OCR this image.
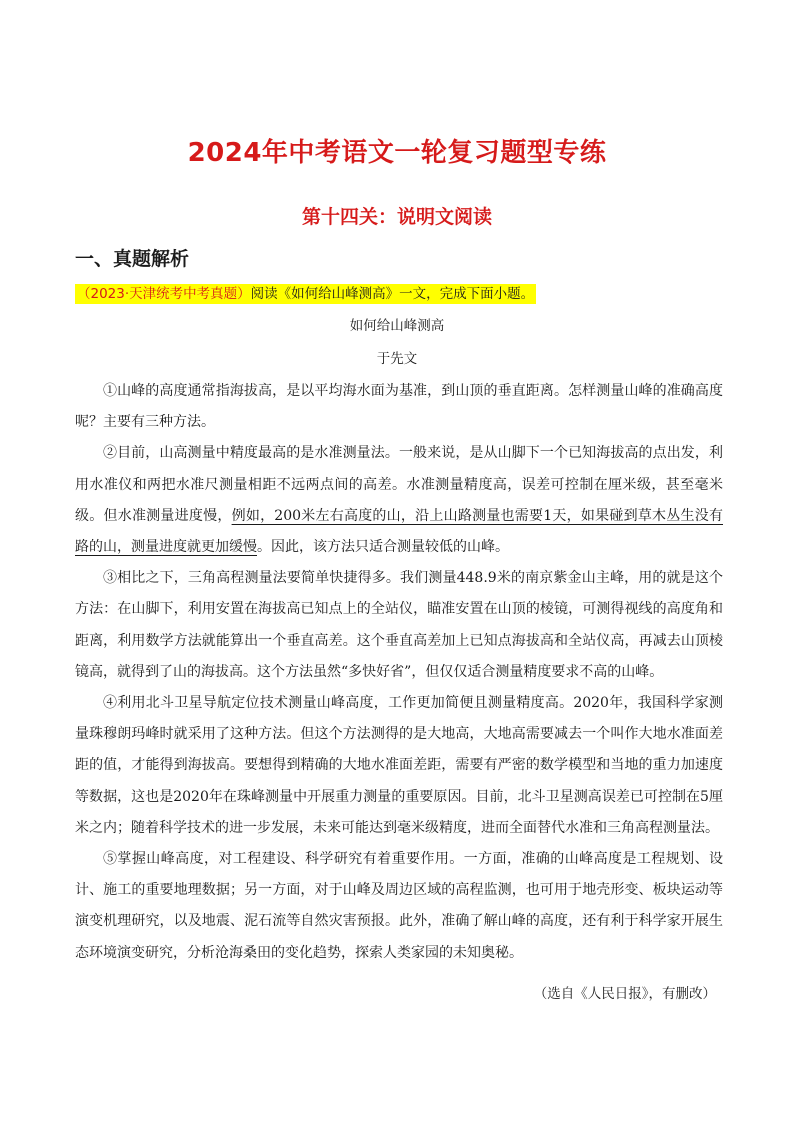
2024年中考语文一轮复习题型专练
第十四关：说明文阅读
一、真题解析
（2023·天津统考中考真题）阅读《如何给山峰测高》一文，完成下面小题。
如何给山峰测高
于先文

①山峰的高度通常指海拔高，是以平均海水面为基准，到山顶的垂直距离。怎样测量山峰的准确高度呢？主要有三种方法。

②目前，山高测量中精度最高的是水准测量法。一般来说，是从山脚下一个已知海拔高的点出发，利用水准仪和两把水准尺测量相距不远两点间的高差。水准测量精度高，误差可控制在厘米级，甚至毫米级。但水准测量进度慢，例如，200米左右高度的山，沿上山路测量也需要1天，如果碰到草木丛生没有路的山，测量进度就更加缓慢。因此，该方法只适合测量较低的山峰。

③相比之下，三角高程测量法要简单快捷得多。我们测量448.9米的南京紫金山主峰，用的就是这个方法：在山脚下，利用安置在海拔高已知点上的全站仪，瞄准安置在山顶的棱镜，可测得视线的高度角和距离，利用数学方法就能算出一个垂直高差。这个垂直高差加上已知点海拔高和全站仪高，再减去山顶棱镜高，就得到了山的海拔高。这个方法虽然“多快好省”，但仅仅适合测量精度要求不高的山峰。

④利用北斗卫星导航定位技术测量山峰高度，工作更加简便且测量精度高。2020年，我国科学家测量珠穆朗玛峰时就采用了这种方法。但这个方法测得的是大地高，大地高需要减去一个叫作大地水准面差距的值，才能得到海拔高。要想得到精确的大地水准面差距，需要有严密的数学模型和当地的重力加速度等数据，这也是2020年在珠峰测量中开展重力测量的重要原因。目前，北斗卫星测高误差已可控制在5厘米之内；随着科学技术的进一步发展，未来可能达到毫米级精度，进而全面替代水准和三角高程测量法。

⑤掌握山峰高度，对工程建设、科学研究有着重要作用。一方面，准确的山峰高度是工程规划、设计、施工的重要地理数据；另一方面，对于山峰及周边区域的高程监测，也可用于地壳形变、板块运动等演变机理研究，以及地震、泥石流等自然灾害预报。此外，准确了解山峰的高度，还有利于科学家开展生态环境演变研究，分析沧海桑田的变化趋势，探索人类家园的未知奥秘。

（选自《人民日报》，有删改）
